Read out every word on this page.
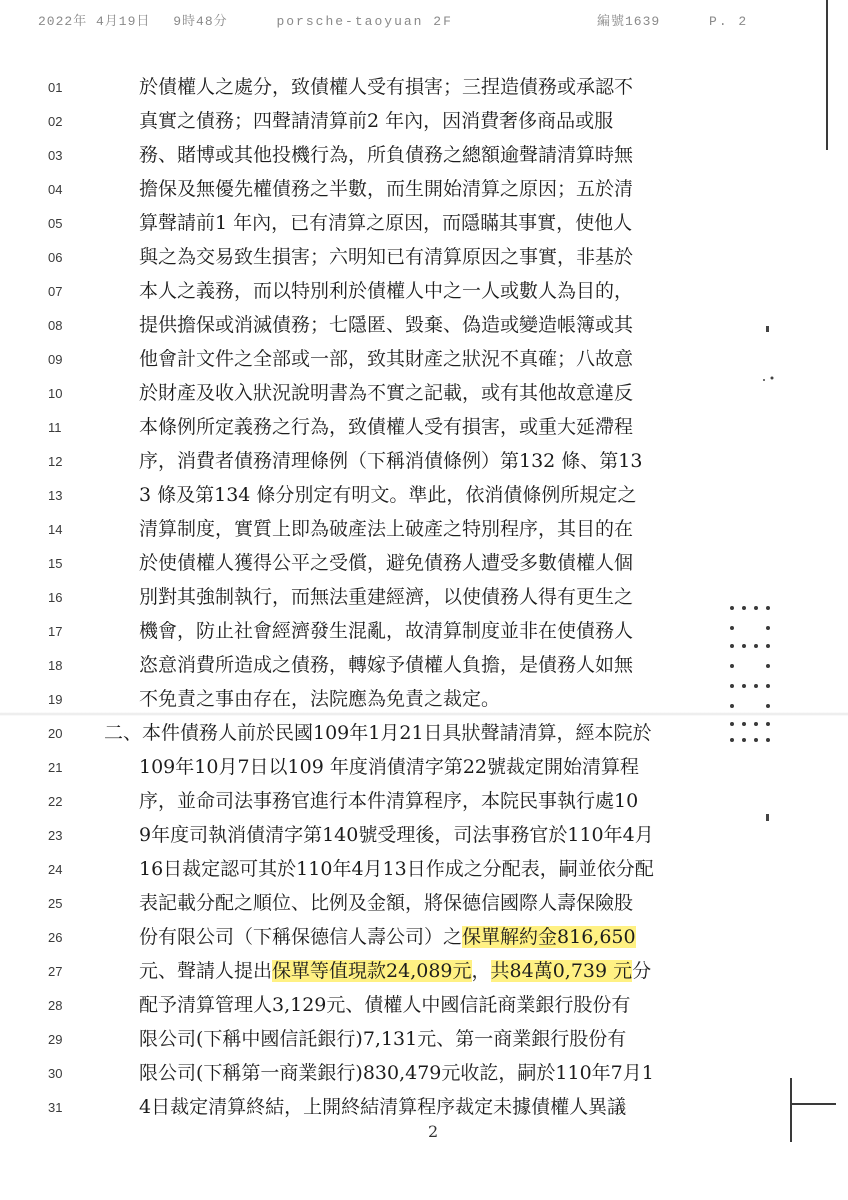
2022年 4月19日 9時48分	porsche-taoyuan 2F	編號1639	P. 2
01	於債權人之處分，致債權人受有損害；三捏造債務或承認不
02	真實之債務；四聲請清算前2 年內，因消費奢侈商品或服
03	務、賭博或其他投機行為，所負債務之總額逾聲請清算時無
04	擔保及無優先權債務之半數，而生開始清算之原因；五於清
05	算聲請前1 年內，已有清算之原因，而隱瞞其事實，使他人
06	與之為交易致生損害；六明知已有清算原因之事實，非基於
07	本人之義務，而以特別利於債權人中之一人或數人為目的，
08	提供擔保或消滅債務；七隱匿、毀棄、偽造或變造帳簿或其
09	他會計文件之全部或一部，致其財產之狀況不真確；八故意
10	於財產及收入狀況說明書為不實之記載，或有其他故意違反
11	本條例所定義務之行為，致債權人受有損害，或重大延滯程
12	序，消費者債務清理條例（下稱消債條例）第132 條、第13
13	3 條及第134 條分別定有明文。準此，依消債條例所規定之
14	清算制度，實質上即為破產法上破產之特別程序，其目的在
15	於使債權人獲得公平之受償，避免債務人遭受多數債權人個
16	別對其強制執行，而無法重建經濟，以使債務人得有更生之
17	機會，防止社會經濟發生混亂，故清算制度並非在使債務人
18	恣意消費所造成之債務，轉嫁予債權人負擔，是債務人如無
19	不免責之事由存在，法院應為免責之裁定。
20	二、本件債務人前於民國109年1月21日具狀聲請清算，經本院於
21	109年10月7日以109 年度消債清字第22號裁定開始清算程
22	序，並命司法事務官進行本件清算程序，本院民事執行處10
23	9年度司執消債清字第140號受理後，司法事務官於110年4月
24	16日裁定認可其於110年4月13日作成之分配表，嗣並依分配
25	表記載分配之順位、比例及金額，將保德信國際人壽保險股
26	份有限公司（下稱保德信人壽公司）之保單解約金816,650
27	元、聲請人提出保單等值現款24,089元，共84萬0,739 元分
28	配予清算管理人3,129元、債權人中國信託商業銀行股份有
29	限公司(下稱中國信託銀行)7,131元、第一商業銀行股份有
30	限公司(下稱第一商業銀行)830,479元收訖，嗣於110年7月1
31	4日裁定清算終結，上開終結清算程序裁定未據債權人異議
2
